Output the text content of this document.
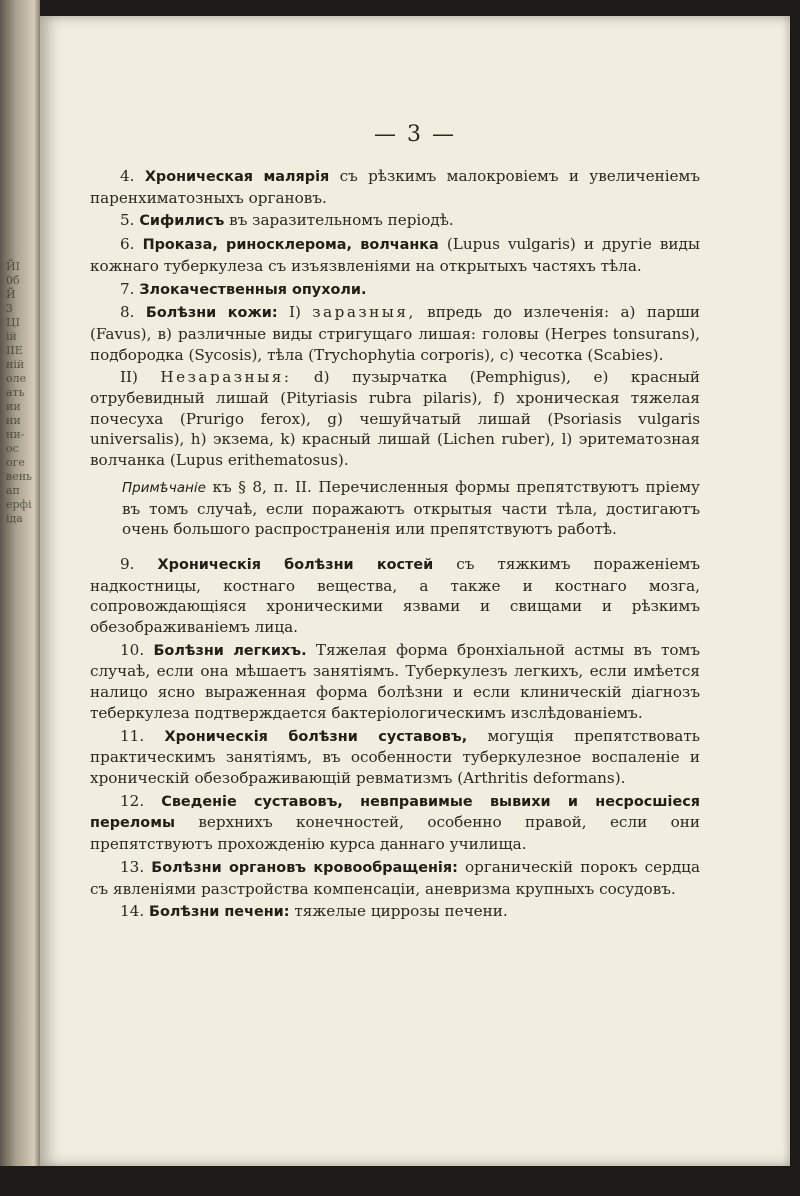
ЙІ
0б
Й
3
ЦІ
ій
ІІЕ
ній
оле
ать
ии
ни
ни-
ос
оге
вень
ап
ерфі
іда
— 3 —

4. Хроническая малярія съ рѣзкимъ малокровіемъ и увеличеніемъ паренхиматозныхъ органовъ.

5. Сифилисъ въ заразительномъ періодѣ.

6. Проказа, риносклерома, волчанка (Lupus vulgaris) и другіе виды кожнаго туберкулеза съ изъязвленіями на открытыхъ частяхъ тѣла.

7. Злокачественныя опухоли.

8. Болѣзни кожи: I) заразныя, впредь до излеченія: a) парши (Favus), в) различные виды стригущаго лишая: головы (Herpes tonsurans), подбородка (Sycosis), тѣла (Tryсhophytia corporis), c) чесотка (Scabies).

II) Незаразныя: d) пузырчатка (Pemphigus), e) красный отрубевидный лишай (Pityriasis rubra pilaris), f) хроническая тяжелая почесуха (Prurigo ferox), g) чешуйчатый лишай (Psoriasis vulgaris universalis), h) экзема, k) красный лишай (Lichen ruber), l) эритематозная волчанка (Lupus erithematosus).

Примѣчаніе къ § 8, п. II. Перечисленныя формы препятствуютъ пріему въ томъ случаѣ, если поражаютъ открытыя части тѣла, достигаютъ очень большого распространенія или препятствуютъ работѣ.

9. Хроническія болѣзни костей съ тяжкимъ пораженіемъ надкостницы, костнаго вещества, а также и костнаго мозга, сопровождающіяся хроническими язвами и свищами и рѣзкимъ обезображиваніемъ лица.

10. Болѣзни легкихъ. Тяжелая форма бронхіальной астмы въ томъ случаѣ, если она мѣшаетъ занятіямъ. Туберкулезъ легкихъ, если имѣется налицо ясно выраженная форма болѣзни и если клиническій діагнозъ теберкулеза подтверждается бактеріологическимъ изслѣдованіемъ.

11. Хроническія болѣзни суставовъ, могущія препятствовать практическимъ занятіямъ, въ особенности туберкулезное воспаленіе и хроническій обезображивающій ревматизмъ (Arthritis deformans).

12. Сведеніе суставовъ, невправимые вывихи и несросшіеся переломы верхнихъ конечностей, особенно правой, если они препятствуютъ прохожденію курса даннаго училища.

13. Болѣзни органовъ кровообращенія: органическій порокъ сердца съ явленіями разстройства компенсаціи, аневризма крупныхъ сосудовъ.

14. Болѣзни печени: тяжелые циррозы печени.
